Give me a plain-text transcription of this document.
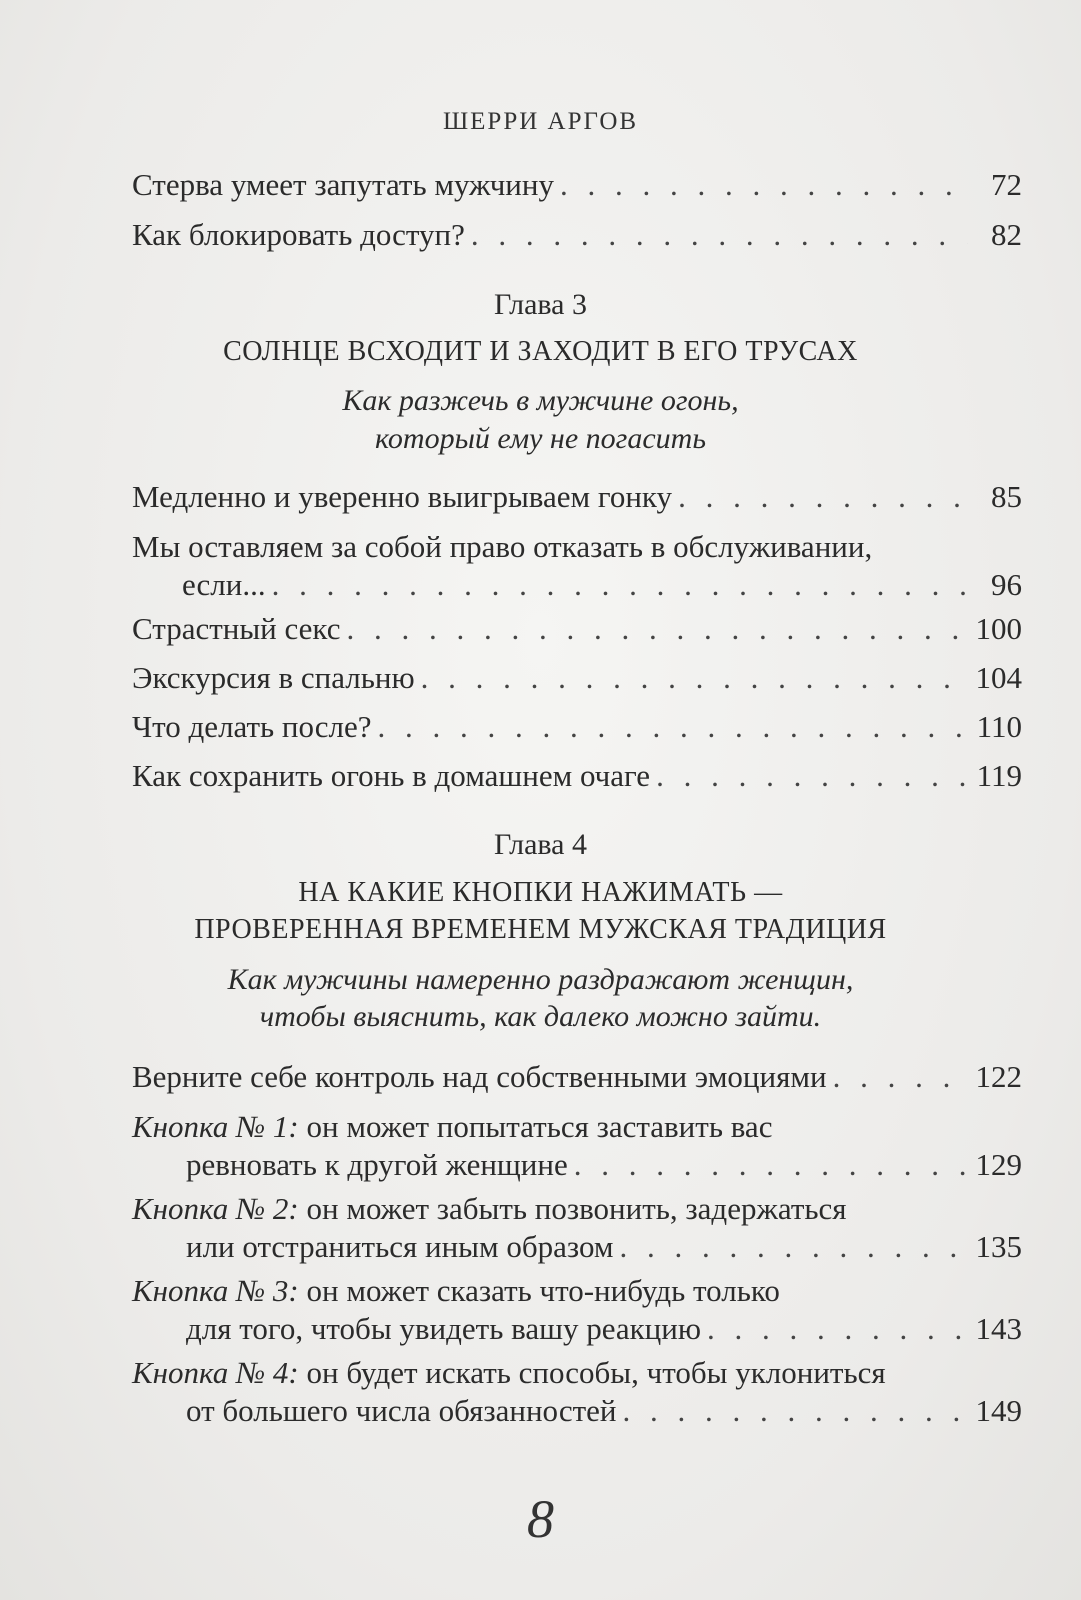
ШЕРРИ АРГОВ
Стерва умеет запутать мужчину . . .	72
Как блокировать доступ? . . .	82
Глава 3
СОЛНЦЕ ВСХОДИТ И ЗАХОДИТ В ЕГО ТРУСАХ
Как разжечь в мужчине огонь,
который ему не погасить
Медленно и уверенно выигрываем гонку . . .	85
Мы оставляем за собой право отказать в обслуживании,
если... . . .	96
Страстный секс . . .	100
Экскурсия в спальню . . .	104
Что делать после? . . .	110
Как сохранить огонь в домашнем очаге . . .	119
Глава 4
НА КАКИЕ КНОПКИ НАЖИМАТЬ —
ПРОВЕРЕННАЯ ВРЕМЕНЕМ МУЖСКАЯ ТРАДИЦИЯ
Как мужчины намеренно раздражают женщин,
чтобы выяснить, как далеко можно зайти.
Верните себе контроль над собственными эмоциями . . .	122
Кнопка № 1: он может попытаться заставить вас
ревновать к другой женщине . . .	129
Кнопка № 2: он может забыть позвонить, задержаться
или отстраниться иным образом . . .	135
Кнопка № 3: он может сказать что-нибудь только
для того, чтобы увидеть вашу реакцию . . .	143
Кнопка № 4: он будет искать способы, чтобы уклониться
от большего числа обязанностей . . .	149
8
